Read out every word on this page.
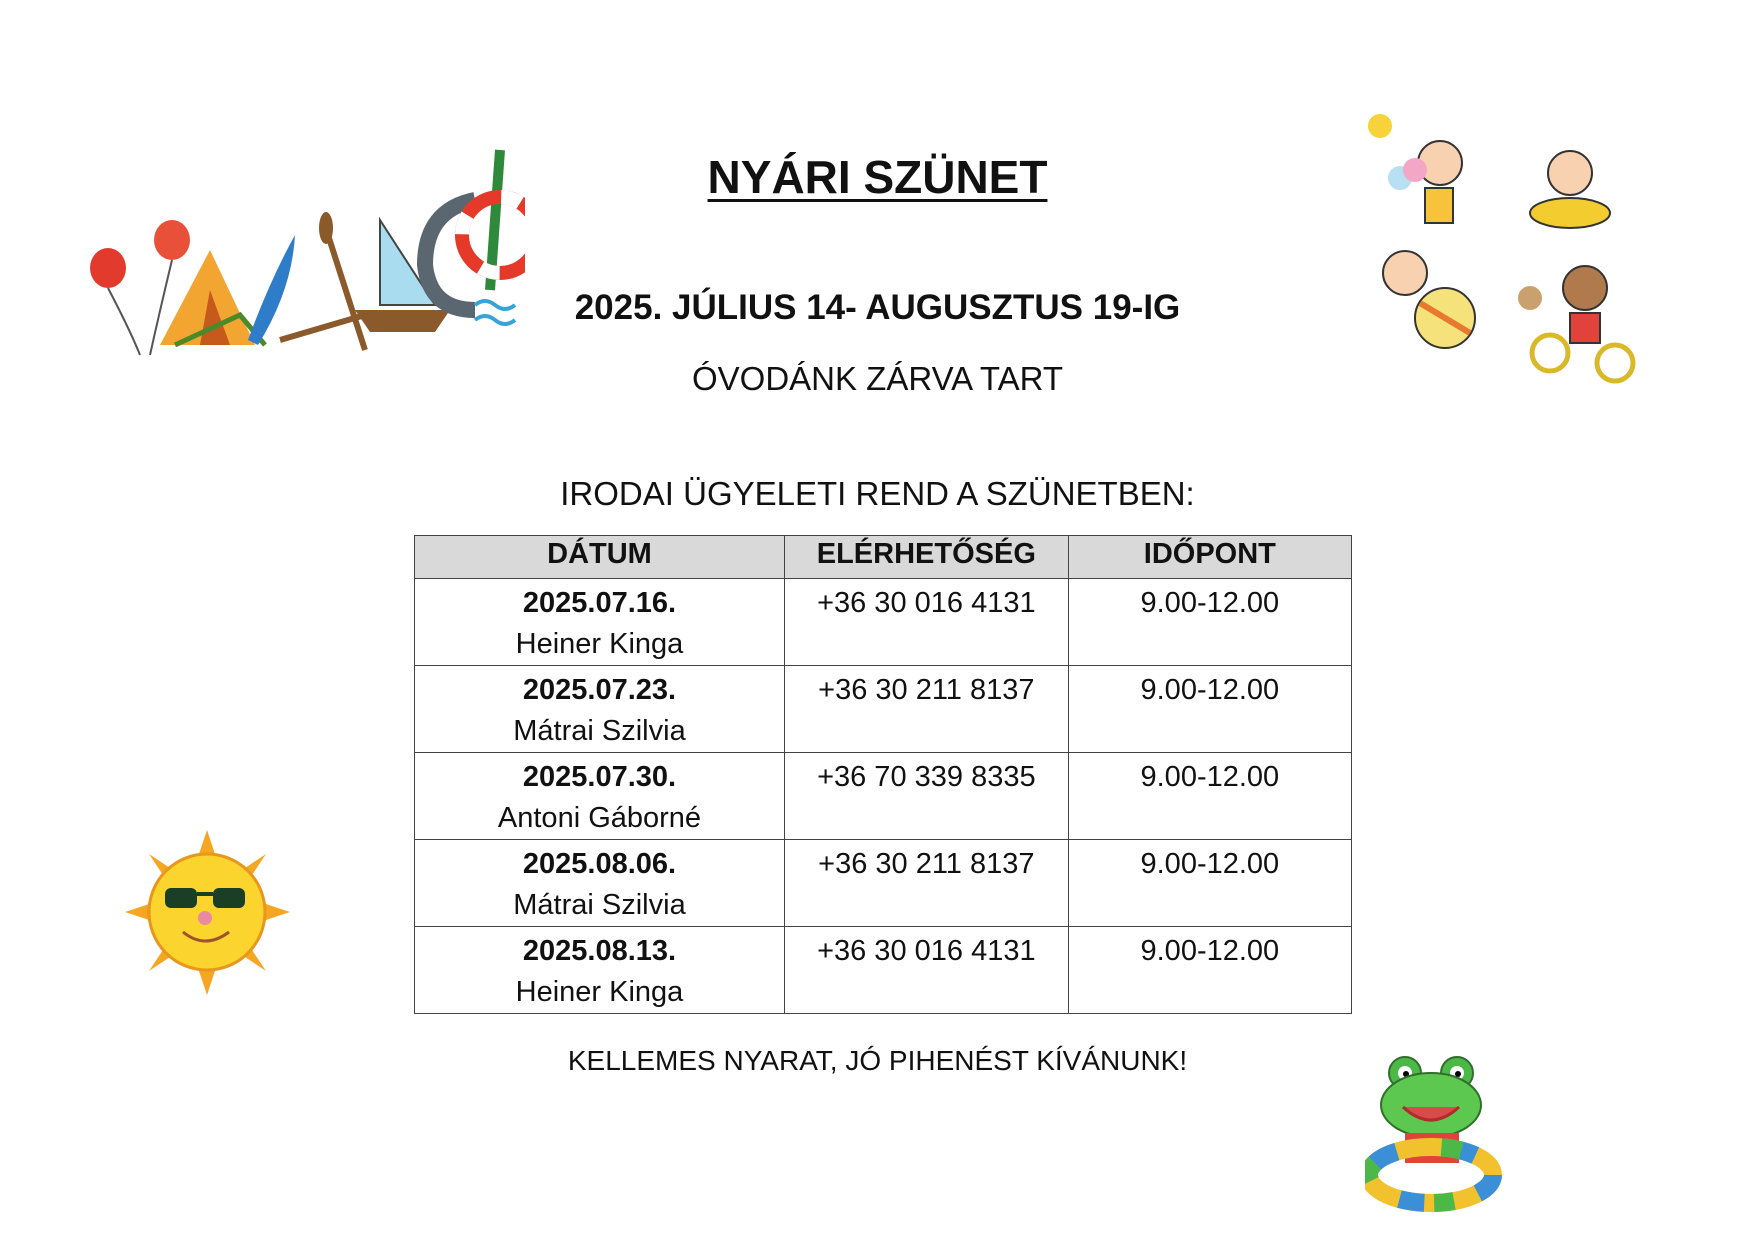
NYÁRI SZÜNET
2025. JÚLIUS 14- AUGUSZTUS 19-IG
ÓVODÁNK ZÁRVA TART
IRODAI ÜGYELETI REND A SZÜNETBEN:
DÁTUM	ELÉRHETŐSÉG	IDŐPONT

2025.07.16.
Heiner Kinga	+36 30 016 4131	9.00-12.00

2025.07.23.
Mátrai Szilvia	+36 30 211 8137	9.00-12.00

2025.07.30.
Antoni Gáborné	+36 70 339 8335	9.00-12.00

2025.08.06.
Mátrai Szilvia	+36 30 211 8137	9.00-12.00

2025.08.13.
Heiner Kinga	+36 30 016 4131	9.00-12.00
KELLEMES NYARAT, JÓ PIHENÉST KÍVÁNUNK!
